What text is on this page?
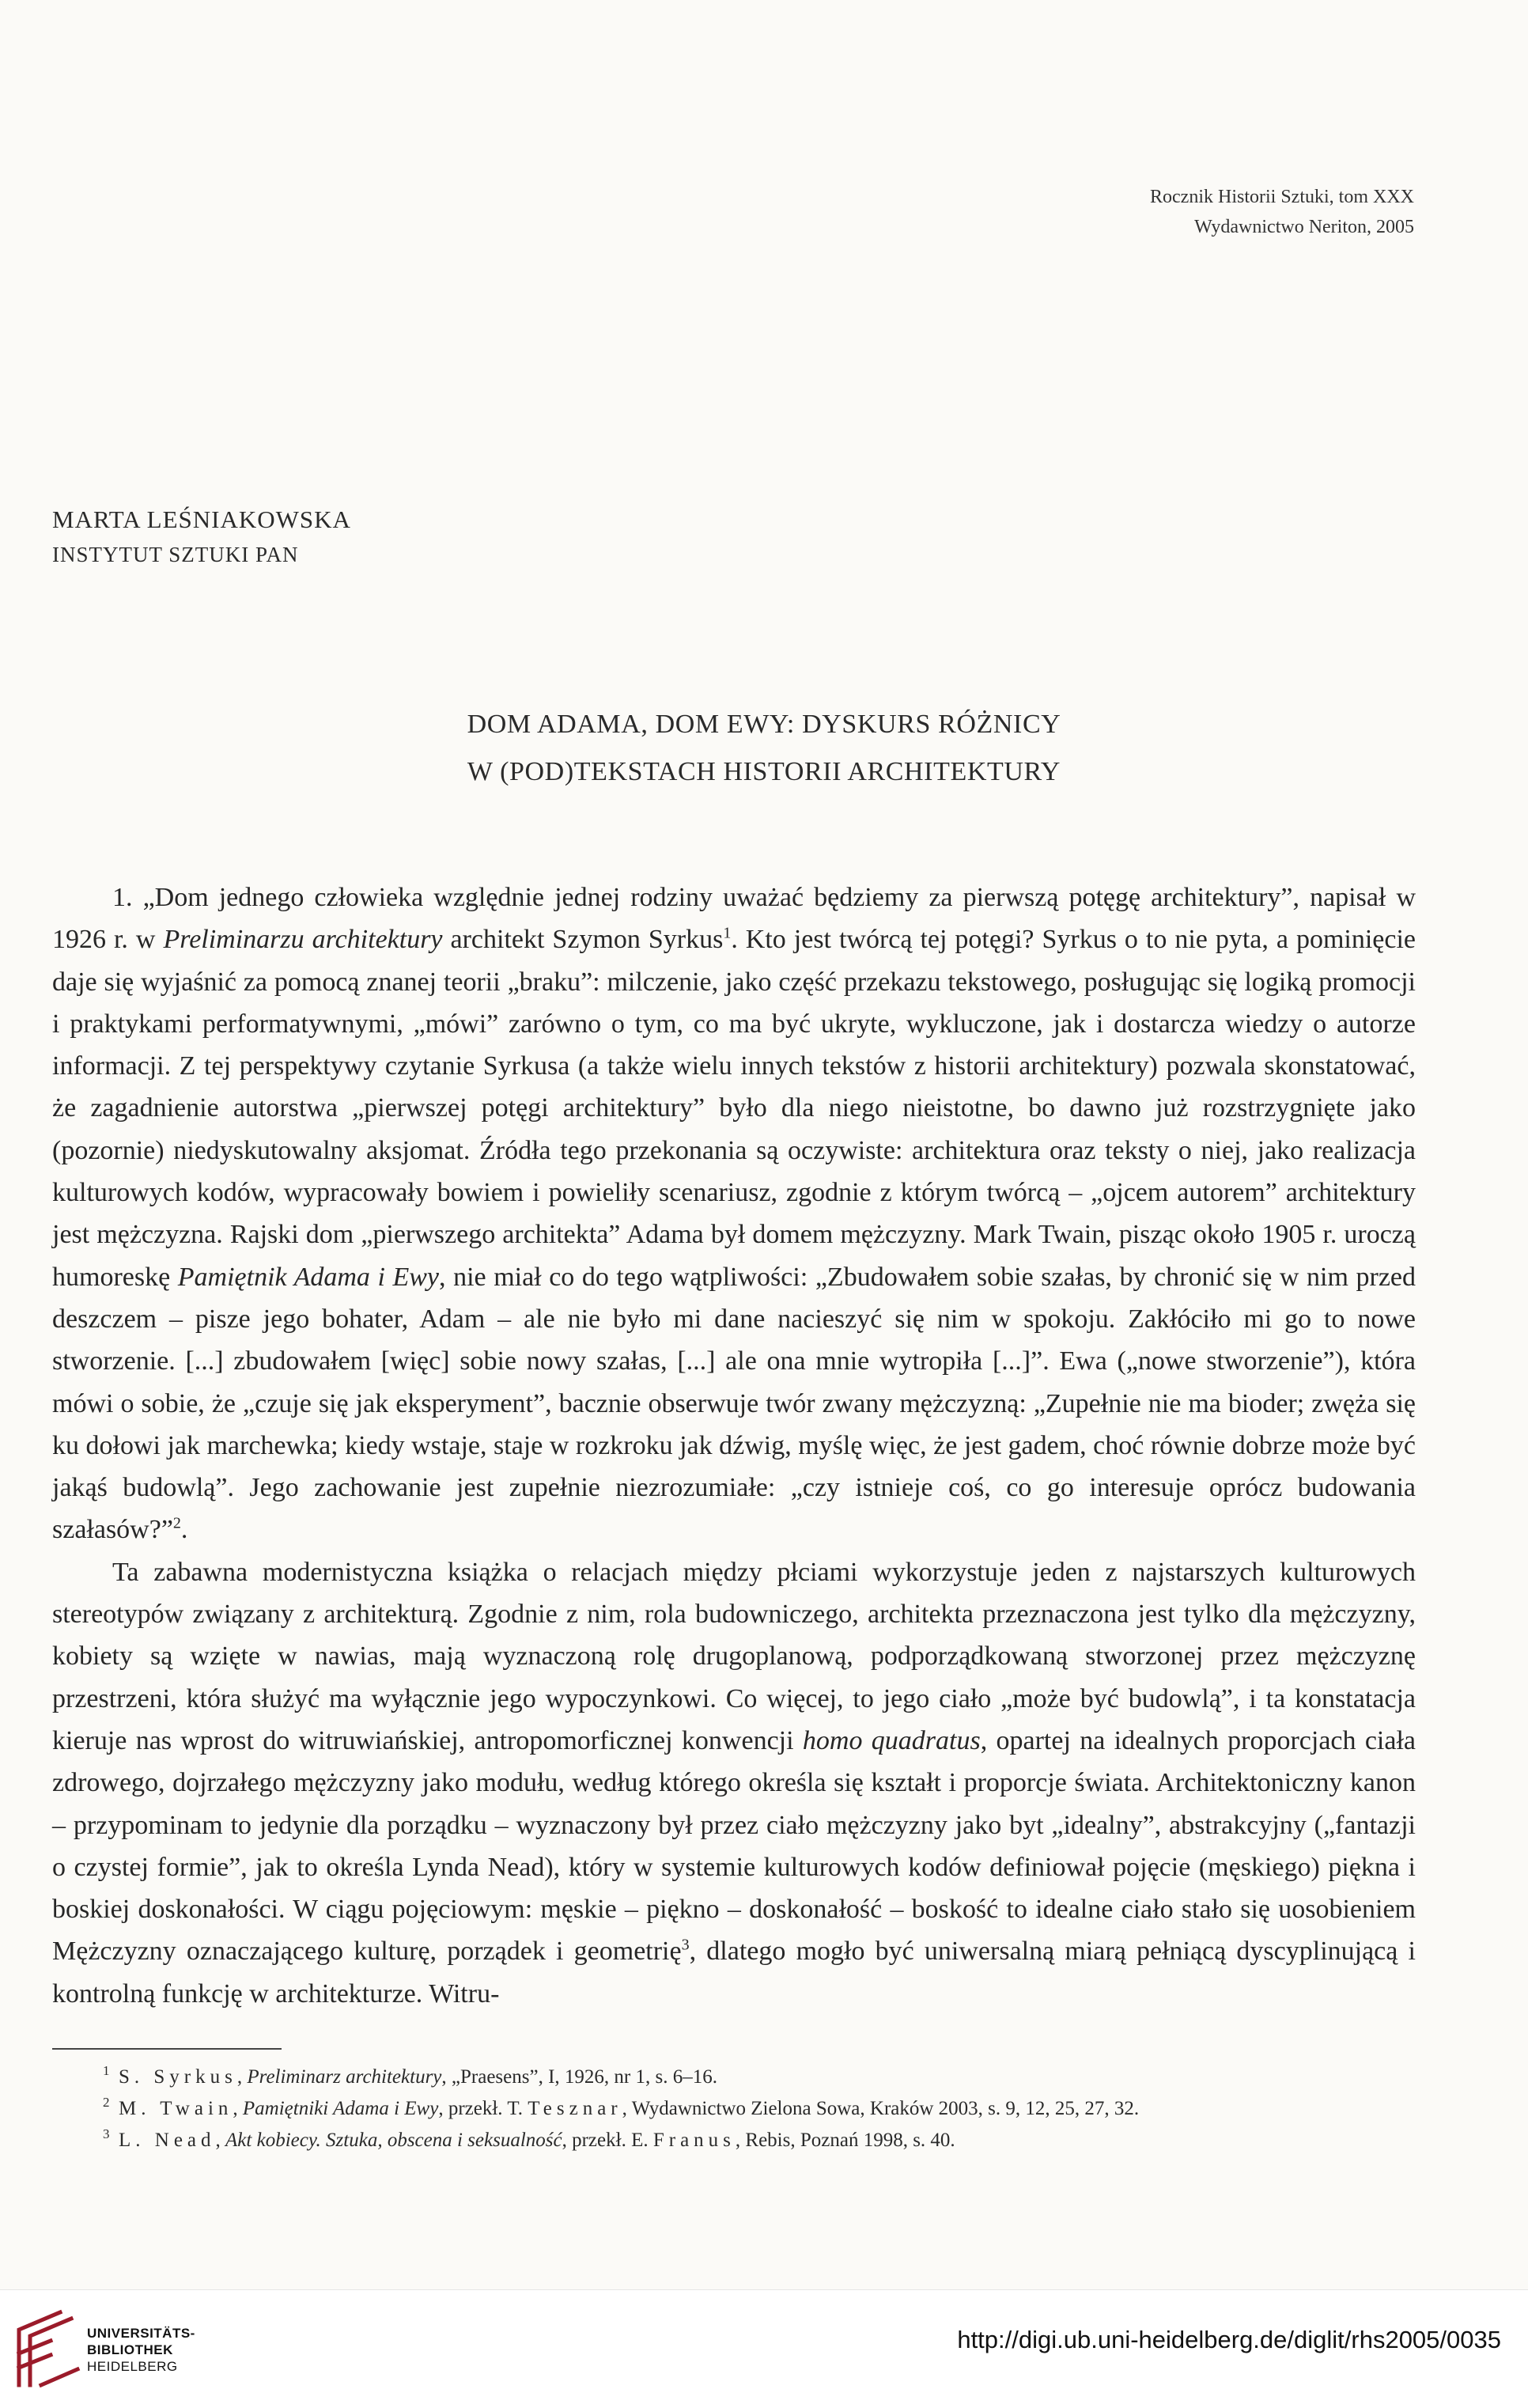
Rocznik Historii Sztuki, tom XXX
Wydawnictwo Neriton, 2005
MARTA LEŚNIAKOWSKA
INSTYTUT SZTUKI PAN
DOM ADAMA, DOM EWY: DYSKURS RÓŻNICY
W (POD)TEKSTACH HISTORII ARCHITEKTURY

1. „Dom jednego człowieka względnie jednej rodziny uważać będziemy za pierwszą potęgę architektury”, napisał w 1926 r. w Preliminarzu architektury architekt Szymon Syrkus$^1$. Kto jest twórcą tej potęgi? Syrkus o to nie pyta, a pominięcie daje się wyjaśnić za pomocą znanej teorii „braku”: milczenie, jako część przekazu tekstowego, posługując się logiką promocji i praktykami performatywnymi, „mówi” zarówno o tym, co ma być ukryte, wykluczone, jak i dostarcza wiedzy o autorze informacji. Z tej perspektywy czytanie Syrkusa (a także wielu innych tekstów z historii architektury) pozwala skonstatować, że zagadnienie autorstwa „pierwszej potęgi architektury” było dla niego nieistotne, bo dawno już rozstrzygnięte jako (pozornie) niedyskutowalny aksjomat. Źródła tego przekonania są oczywiste: architektura oraz teksty o niej, jako realizacja kulturowych kodów, wypracowały bowiem i powieliły scenariusz, zgodnie z którym twórcą – „ojcem autorem” architektury jest mężczyzna. Rajski dom „pierwszego architekta” Adama był domem mężczyzny. Mark Twain, pisząc około 1905 r. uroczą humoreskę Pamiętnik Adama i Ewy, nie miał co do tego wątpliwości: „Zbudowałem sobie szałas, by chronić się w nim przed deszczem – pisze jego bohater, Adam – ale nie było mi dane nacieszyć się nim w spokoju. Zakłóciło mi go to nowe stworzenie. [...] zbudowałem [więc] sobie nowy szałas, [...] ale ona mnie wytropiła [...]”. Ewa („nowe stworzenie”), która mówi o sobie, że „czuje się jak eksperyment”, bacznie obserwuje twór zwany mężczyzną: „Zupełnie nie ma bioder; zwęża się ku dołowi jak marchewka; kiedy wstaje, staje w rozkroku jak dźwig, myślę więc, że jest gadem, choć równie dobrze może być jakąś budowlą”. Jego zachowanie jest zupełnie niezrozumiałe: „czy istnieje coś, co go interesuje oprócz budowania szałasów?”$^2$.

Ta zabawna modernistyczna książka o relacjach między płciami wykorzystuje jeden z najstarszych kulturowych stereotypów związany z architekturą. Zgodnie z nim, rola budowniczego, architekta przeznaczona jest tylko dla mężczyzny, kobiety są wzięte w nawias, mają wyznaczoną rolę drugoplanową, podporządkowaną stworzonej przez mężczyznę przestrzeni, która służyć ma wyłącznie jego wypoczynkowi. Co więcej, to jego ciało „może być budowlą”, i ta konstatacja kieruje nas wprost do witruwiańskiej, antropomorficznej konwencji homo quadratus, opartej na idealnych proporcjach ciała zdrowego, dojrzałego mężczyzny jako modułu, według którego określa się kształt i proporcje świata. Architektoniczny kanon – przypominam to jedynie dla porządku – wyznaczony był przez ciało mężczyzny jako byt „idealny”, abstrakcyjny („fantazji o czystej formie”, jak to określa Lynda Nead), który w systemie kulturowych kodów definiował pojęcie (męskiego) piękna i boskiej doskonałości. W ciągu pojęciowym: męskie – piękno – doskonałość – boskość to idealne ciało stało się uosobieniem Mężczyzny oznaczającego kulturę, porządek i geometrię$^3$, dlatego mogło być uniwersalną miarą pełniącą dyscyplinującą i kontrolną funkcję w architekturze. Witru-

1 S. Syrkus, Preliminarz architektury, „Praesens”, I, 1926, nr 1, s. 6–16.
2 M. Twain, Pamiętniki Adama i Ewy, przekł. T. Tesznar, Wydawnictwo Zielona Sowa, Kraków 2003, s. 9, 12, 25, 27, 32.
3 L. Nead, Akt kobiecy. Sztuka, obscena i seksualność, przekł. E. Franus, Rebis, Poznań 1998, s. 40.
UNIVERSITÄTS-
BIBLIOTHEK
HEIDELBERG
http://digi.ub.uni-heidelberg.de/diglit/rhs2005/0035
